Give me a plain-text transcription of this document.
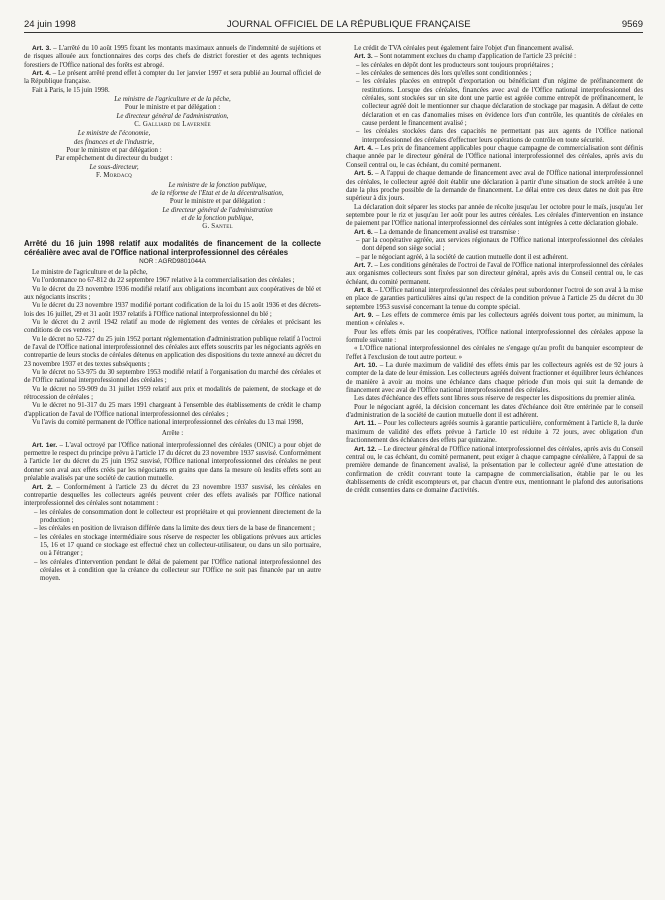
24 juin 1998	JOURNAL OFFICIEL DE LA RÉPUBLIQUE FRANÇAISE	9569

Art. 3. – L'arrêté du 10 août 1995 fixant les montants maximaux annuels de l'indemnité de sujétions et de risques allouée aux fonctionnaires des corps des chefs de district forestier et des agents techniques forestiers de l'Office national des forêts est abrogé.

Art. 4. – Le présent arrêté prend effet à compter du 1er janvier 1997 et sera publié au Journal officiel de la République française.

Fait à Paris, le 15 juin 1998.

Le ministre de l'agriculture et de la pêche,

Pour le ministre et par délégation :

Le directeur général de l'administration,

C. Galliard de Lavernée

Le ministre de l'économie,

des finances et de l'industrie,

Pour le ministre et par délégation :

Par empêchement du directeur du budget :

Le sous-directeur,

F. Mordacq

Le ministre de la fonction publique,

de la réforme de l'Etat et de la décentralisation,

Pour le ministre et par délégation :

Le directeur général de l'administration

et de la fonction publique,

G. Santel

Arrêté du 16 juin 1998 relatif aux modalités de financement de la collecte céréalière avec aval de l'Office national interprofessionnel des céréales
NOR : AGRD9801044A

Le ministre de l'agriculture et de la pêche,

Vu l'ordonnance no 67-812 du 22 septembre 1967 relative à la commercialisation des céréales ;

Vu le décret du 23 novembre 1936 modifié relatif aux obligations incombant aux coopératives de blé et aux négociants inscrits ;

Vu le décret du 23 novembre 1937 modifié portant codification de la loi du 15 août 1936 et des décrets-lois des 16 juillet, 29 et 31 août 1937 relatifs à l'Office national interprofessionnel du blé ;

Vu le décret du 2 avril 1942 relatif au mode de règlement des ventes de céréales et précisant les conditions de ces ventes ;

Vu le décret no 52-727 du 25 juin 1952 portant réglementation d'administration publique relatif à l'octroi de l'aval de l'Office national interprofessionnel des céréales aux effets souscrits par les négociants agréés en contrepartie de leurs stocks de céréales détenus en application des dispositions du texte annexé au décret du 23 novembre 1937 et des textes subséquents ;

Vu le décret no 53-975 du 30 septembre 1953 modifié relatif à l'organisation du marché des céréales et de l'Office national interprofessionnel des céréales ;

Vu le décret no 59-909 du 31 juillet 1959 relatif aux prix et modalités de paiement, de stockage et de rétrocession de céréales ;

Vu le décret no 91-317 du 25 mars 1991 chargeant à l'ensemble des établissements de crédit le champ d'application de l'aval de l'Office national interprofessionnel des céréales ;

Vu l'avis du comité permanent de l'Office national interprofessionnel des céréales du 13 mai 1998,

Arrête :

Art. 1er. – L'aval octroyé par l'Office national interprofessionnel des céréales (ONIC) a pour objet de permettre le respect du principe prévu à l'article 17 du décret du 23 novembre 1937 susvisé. Conformément à l'article 1er du décret du 25 juin 1952 susvisé, l'Office national interprofessionnel des céréales ne peut donner son aval aux effets créés par les négociants en grains que dans la mesure où lesdits effets sont au préalable avalisés par une société de caution mutuelle.

Art. 2. – Conformément à l'article 23 du décret du 23 novembre 1937 susvisé, les céréales en contrepartie desquelles les collecteurs agréés peuvent créer des effets avalisés par l'Office national interprofessionnel des céréales sont notamment :

– les céréales de consommation dont le collecteur est propriétaire et qui proviennent directement de la production ;
– les céréales en position de livraison différée dans la limite des deux tiers de la base de financement ;
– les céréales en stockage intermédiaire sous réserve de respecter les obligations prévues aux articles 15, 16 et 17 quand ce stockage est effectué chez un collecteur-utilisateur, ou dans un silo portuaire, ou à l'étranger ;
– les céréales d'intervention pendant le délai de paiement par l'Office national interprofessionnel des céréales et à condition que la créance du collecteur sur l'Office ne soit pas financée par un autre moyen.

Le crédit de TVA céréales peut également faire l'objet d'un financement avalisé.

Art. 3. – Sont notamment exclues du champ d'application de l'article 23 précité :

– les céréales en dépôt dont les producteurs sont toujours propriétaires ;
– les céréales de semences dès lors qu'elles sont conditionnées ;
– les céréales placées en entrepôt d'exportation ou bénéficiant d'un régime de préfinancement de restitutions. Lorsque des céréales, financées avec aval de l'Office national interprofessionnel des céréales, sont stockées sur un site dont une partie est agréée comme entrepôt de préfinancement, le collecteur agréé doit le mentionner sur chaque déclaration de stockage par magasin. A défaut de cette déclaration et en cas d'anomalies mises en évidence lors d'un contrôle, les quantités de céréales en cause perdent le financement avalisé ;
– les céréales stockées dans des capacités ne permettant pas aux agents de l'Office national interprofessionnel des céréales d'effectuer leurs opérations de contrôle en toute sécurité.

Art. 4. – Les prix de financement applicables pour chaque campagne de commercialisation sont définis chaque année par le directeur général de l'Office national interprofessionnel des céréales, après avis du Conseil central ou, le cas échéant, du comité permanent.

Art. 5. – A l'appui de chaque demande de financement avec aval de l'Office national interprofessionnel des céréales, le collecteur agréé doit établir une déclaration à partir d'une situation de stock arrêtée à une date la plus proche possible de la demande de financement. Le délai entre ces deux dates ne doit pas être supérieur à dix jours.

La déclaration doit séparer les stocks par année de récolte jusqu'au 1er octobre pour le maïs, jusqu'au 1er septembre pour le riz et jusqu'au 1er août pour les autres céréales. Les céréales d'intervention en instance de paiement par l'Office national interprofessionnel des céréales sont intégrées à cette déclaration globale.

Art. 6. – La demande de financement avalisé est transmise :

– par la coopérative agréée, aux services régionaux de l'Office national interprofessionnel des céréales dont dépend son siège social ;
– par le négociant agréé, à la société de caution mutuelle dont il est adhérent.

Art. 7. – Les conditions générales de l'octroi de l'aval de l'Office national interprofessionnel des céréales aux organismes collecteurs sont fixées par son directeur général, après avis du Conseil central ou, le cas échéant, du comité permanent.

Art. 8. – L'Office national interprofessionnel des céréales peut subordonner l'octroi de son aval à la mise en place de garanties particulières ainsi qu'au respect de la condition prévue à l'article 25 du décret du 30 septembre 1953 susvisé concernant la tenue du compte spécial.

Art. 9. – Les effets de commerce émis par les collecteurs agréés doivent tous porter, au minimum, la mention « céréales ».

Pour les effets émis par les coopératives, l'Office national interprofessionnel des céréales appose la formule suivante :

« L'Office national interprofessionnel des céréales ne s'engage qu'au profit du banquier escompteur de l'effet à l'exclusion de tout autre porteur. »

Art. 10. – La durée maximum de validité des effets émis par les collecteurs agréés est de 92 jours à compter de la date de leur émission. Les collecteurs agréés doivent fractionner et équilibrer leurs échéances de manière à avoir au moins une échéance dans chaque période d'un mois qui suit la demande de financement avec aval de l'Office national interprofessionnel des céréales.

Les dates d'échéance des effets sont libres sous réserve de respecter les dispositions du premier alinéa.

Pour le négociant agréé, la décision concernant les dates d'échéance doit être entérinée par le conseil d'administration de la société de caution mutuelle dont il est adhérent.

Art. 11. – Pour les collecteurs agréés soumis à garantie particulière, conformément à l'article 8, la durée maximum de validité des effets prévue à l'article 10 est réduite à 72 jours, avec obligation d'un fractionnement des échéances des effets par quinzaine.

Art. 12. – Le directeur général de l'Office national interprofessionnel des céréales, après avis du Conseil central ou, le cas échéant, du comité permanent, peut exiger à chaque campagne céréalière, à l'appui de sa première demande de financement avalisé, la présentation par le collecteur agréé d'une attestation de confirmation de crédit couvrant toute la campagne de commercialisation, établie par le ou les établissements de crédit escompteurs et, par chacun d'entre eux, mentionnant le plafond des autorisations de crédit consenties dans ce domaine d'activités.
